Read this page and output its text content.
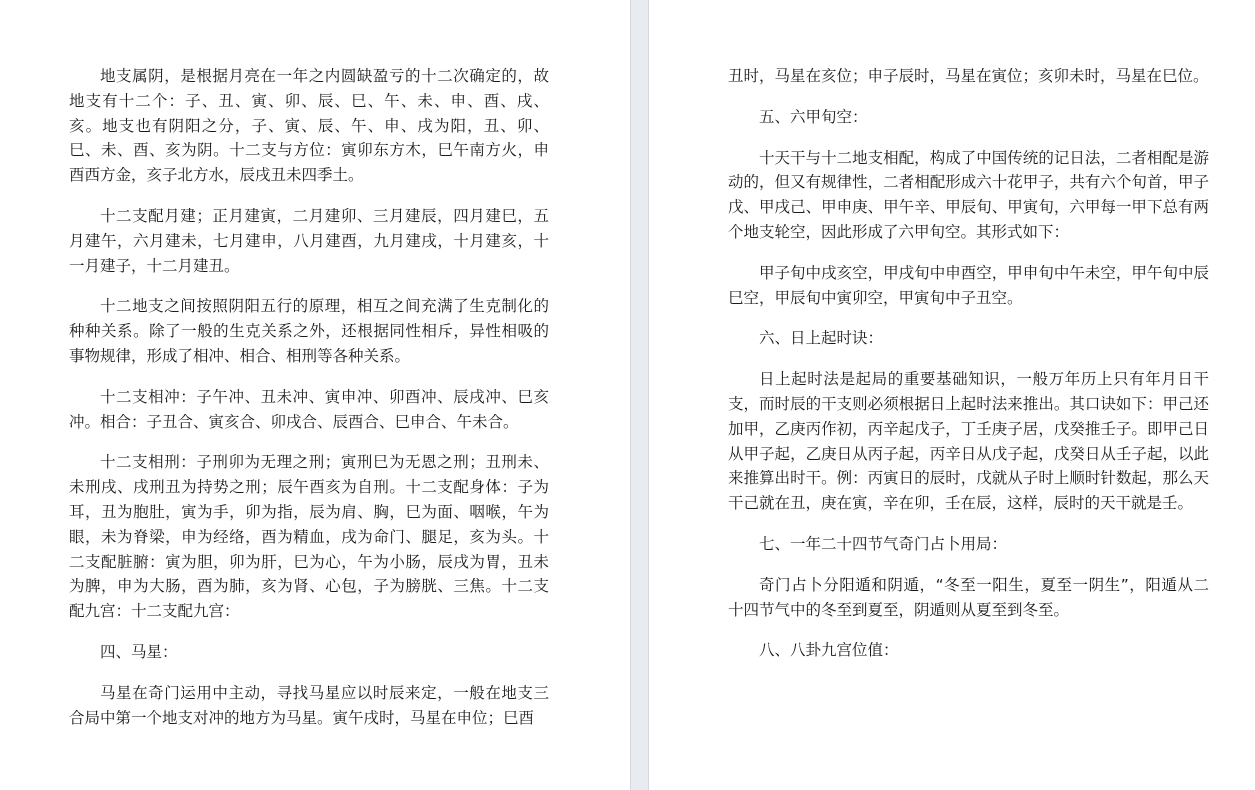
地支属阴，是根据月亮在一年之内圆缺盈亏的十二次确定的，故地支有十二个：子、丑、寅、卯、辰、巳、午、未、申、酉、戌、亥。地支也有阴阳之分，子、寅、辰、午、申、戌为阳，丑、卯、巳、未、酉、亥为阴。十二支与方位：寅卯东方木，巳午南方火，申酉西方金，亥子北方水，辰戌丑未四季土。

十二支配月建；正月建寅，二月建卯、三月建辰，四月建巳，五月建午，六月建未，七月建申，八月建酉，九月建戌，十月建亥，十一月建子，十二月建丑。

十二地支之间按照阴阳五行的原理，相互之间充满了生克制化的种种关系。除了一般的生克关系之外，还根据同性相斥，异性相吸的事物规律，形成了相冲、相合、相刑等各种关系。

十二支相冲：子午冲、丑未冲、寅申冲、卯酉冲、辰戌冲、巳亥冲。相合：子丑合、寅亥合、卯戌合、辰酉合、巳申合、午未合。

十二支相刑：子刑卯为无理之刑；寅刑巳为无恩之刑；丑刑未、未刑戌、戌刑丑为持势之刑；辰午酉亥为自刑。十二支配身体：子为耳，丑为胞肚，寅为手，卯为指，辰为肩、胸，巳为面、咽喉，午为眼，未为脊梁，申为经络，酉为精血，戌为命门、腿足，亥为头。十二支配脏腑：寅为胆，卯为肝，巳为心，午为小肠，辰戌为胃，丑未为脾，申为大肠，酉为肺，亥为肾、心包，子为膀胱、三焦。十二支配九宫：十二支配九宫：

四、马星：

马星在奇门运用中主动，寻找马星应以时辰来定，一般在地支三合局中第一个地支对冲的地方为马星。寅午戌时，马星在申位；巳酉

丑时，马星在亥位；申子辰时，马星在寅位；亥卯未时，马星在巳位。

五、六甲旬空：

十天干与十二地支相配，构成了中国传统的记日法，二者相配是游动的，但又有规律性，二者相配形成六十花甲子，共有六个旬首，甲子戊、甲戌己、甲申庚、甲午辛、甲辰旬、甲寅旬，六甲每一甲下总有两个地支轮空，因此形成了六甲旬空。其形式如下：

甲子旬中戌亥空，甲戌旬中申酉空，甲申旬中午未空，甲午旬中辰巳空，甲辰旬中寅卯空，甲寅旬中子丑空。

六、日上起时诀：

日上起时法是起局的重要基础知识，一般万年历上只有年月日干支，而时辰的干支则必须根据日上起时法来推出。其口诀如下：甲己还加甲，乙庚丙作初，丙辛起戊子，丁壬庚子居，戊癸推壬子。即甲己日从甲子起，乙庚日从丙子起，丙辛日从戊子起，戊癸日从壬子起，以此来推算出时干。例：丙寅日的辰时，戊就从子时上顺时针数起，那么天干己就在丑，庚在寅，辛在卯，壬在辰，这样，辰时的天干就是壬。

七、一年二十四节气奇门占卜用局：

奇门占卜分阳遁和阴遁，“冬至一阳生，夏至一阴生”，阳遁从二十四节气中的冬至到夏至，阴遁则从夏至到冬至。

八、八卦九宫位值：
